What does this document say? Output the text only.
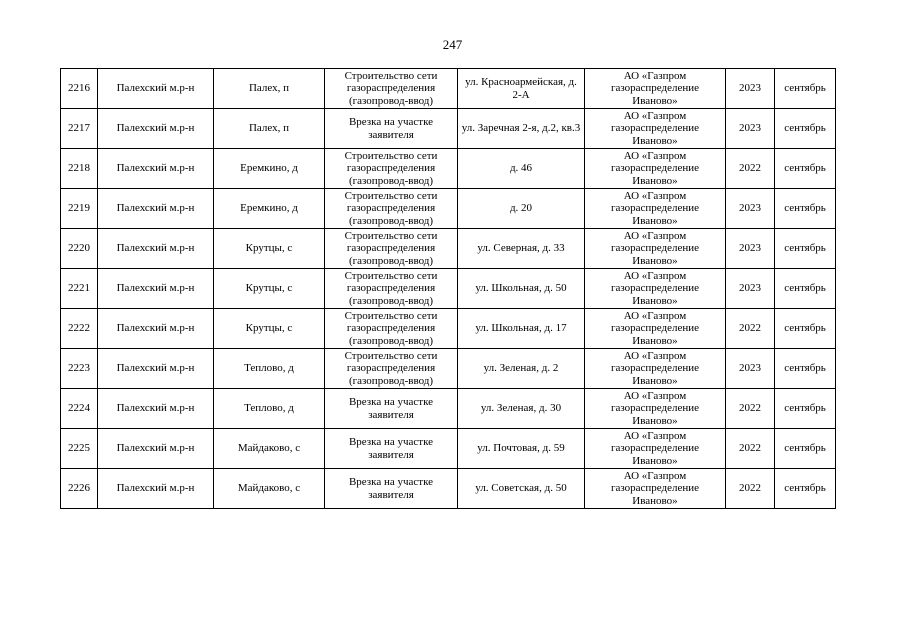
247
2216	Палехский м.р-н	Палех, п	Строительство сети газораспределения (газопровод-ввод)	ул. Красноармейская, д. 2-А	АО «Газпром газораспределение Иваново»	2023	сентябрь
2217	Палехский м.р-н	Палех, п	Врезка на участке заявителя	ул. Заречная 2-я, д.2, кв.3	АО «Газпром газораспределение Иваново»	2023	сентябрь
2218	Палехский м.р-н	Еремкино, д	Строительство сети газораспределения (газопровод-ввод)	д. 46	АО «Газпром газораспределение Иваново»	2022	сентябрь
2219	Палехский м.р-н	Еремкино, д	Строительство сети газораспределения (газопровод-ввод)	д. 20	АО «Газпром газораспределение Иваново»	2023	сентябрь
2220	Палехский м.р-н	Крутцы, с	Строительство сети газораспределения (газопровод-ввод)	ул. Северная, д. 33	АО «Газпром газораспределение Иваново»	2023	сентябрь
2221	Палехский м.р-н	Крутцы, с	Строительство сети газораспределения (газопровод-ввод)	ул. Школьная, д. 50	АО «Газпром газораспределение Иваново»	2023	сентябрь
2222	Палехский м.р-н	Крутцы, с	Строительство сети газораспределения (газопровод-ввод)	ул. Школьная, д. 17	АО «Газпром газораспределение Иваново»	2022	сентябрь
2223	Палехский м.р-н	Теплово, д	Строительство сети газораспределения (газопровод-ввод)	ул. Зеленая, д. 2	АО «Газпром газораспределение Иваново»	2023	сентябрь
2224	Палехский м.р-н	Теплово, д	Врезка на участке заявителя	ул. Зеленая, д. 30	АО «Газпром газораспределение Иваново»	2022	сентябрь
2225	Палехский м.р-н	Майдаково, с	Врезка на участке заявителя	ул. Почтовая, д. 59	АО «Газпром газораспределение Иваново»	2022	сентябрь
2226	Палехский м.р-н	Майдаково, с	Врезка на участке заявителя	ул. Советская, д. 50	АО «Газпром газораспределение Иваново»	2022	сентябрь
